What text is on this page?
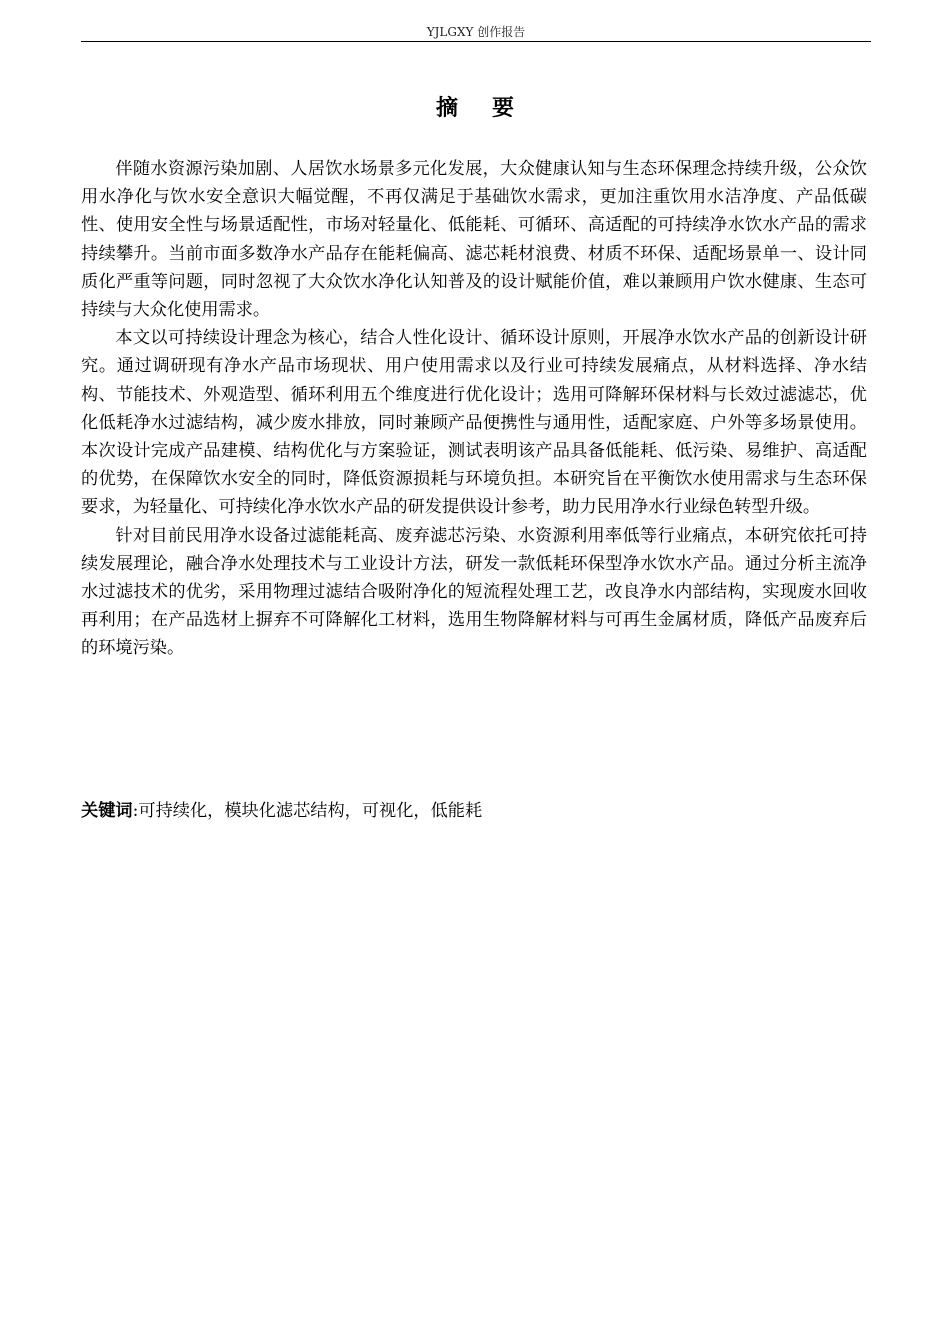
YJLGXY 创作报告
摘要

伴随水资源污染加剧、人居饮水场景多元化发展，大众健康认知与生态环保理念持续升级，公众饮用水净化与饮水安全意识大幅觉醒，不再仅满足于基础饮水需求，更加注重饮用水洁净度、产品低碳性、使用安全性与场景适配性，市场对轻量化、低能耗、可循环、高适配的可持续净水饮水产品的需求持续攀升。当前市面多数净水产品存在能耗偏高、滤芯耗材浪费、材质不环保、适配场景单一、设计同质化严重等问题，同时忽视了大众饮水净化认知普及的设计赋能价值，难以兼顾用户饮水健康、生态可持续与大众化使用需求。

本文以可持续设计理念为核心，结合人性化设计、循环设计原则，开展净水饮水产品的创新设计研究。通过调研现有净水产品市场现状、用户使用需求以及行业可持续发展痛点，从材料选择、净水结构、节能技术、外观造型、循环利用五个维度进行优化设计；选用可降解环保材料与长效过滤滤芯，优化低耗净水过滤结构，减少废水排放，同时兼顾产品便携性与通用性，适配家庭、户外等多场景使用。本次设计完成产品建模、结构优化与方案验证，测试表明该产品具备低能耗、低污染、易维护、高适配的优势，在保障饮水安全的同时，降低资源损耗与环境负担。本研究旨在平衡饮水使用需求与生态环保要求，为轻量化、可持续化净水饮水产品的研发提供设计参考，助力民用净水行业绿色转型升级。

针对目前民用净水设备过滤能耗高、废弃滤芯污染、水资源利用率低等行业痛点，本研究依托可持续发展理论，融合净水处理技术与工业设计方法，研发一款低耗环保型净水饮水产品。通过分析主流净水过滤技术的优劣，采用物理过滤结合吸附净化的短流程处理工艺，改良净水内部结构，实现废水回收再利用；在产品选材上摒弃不可降解化工材料，选用生物降解材料与可再生金属材质，降低产品废弃后的环境污染。

关键词:可持续化，模块化滤芯结构，可视化，低能耗
